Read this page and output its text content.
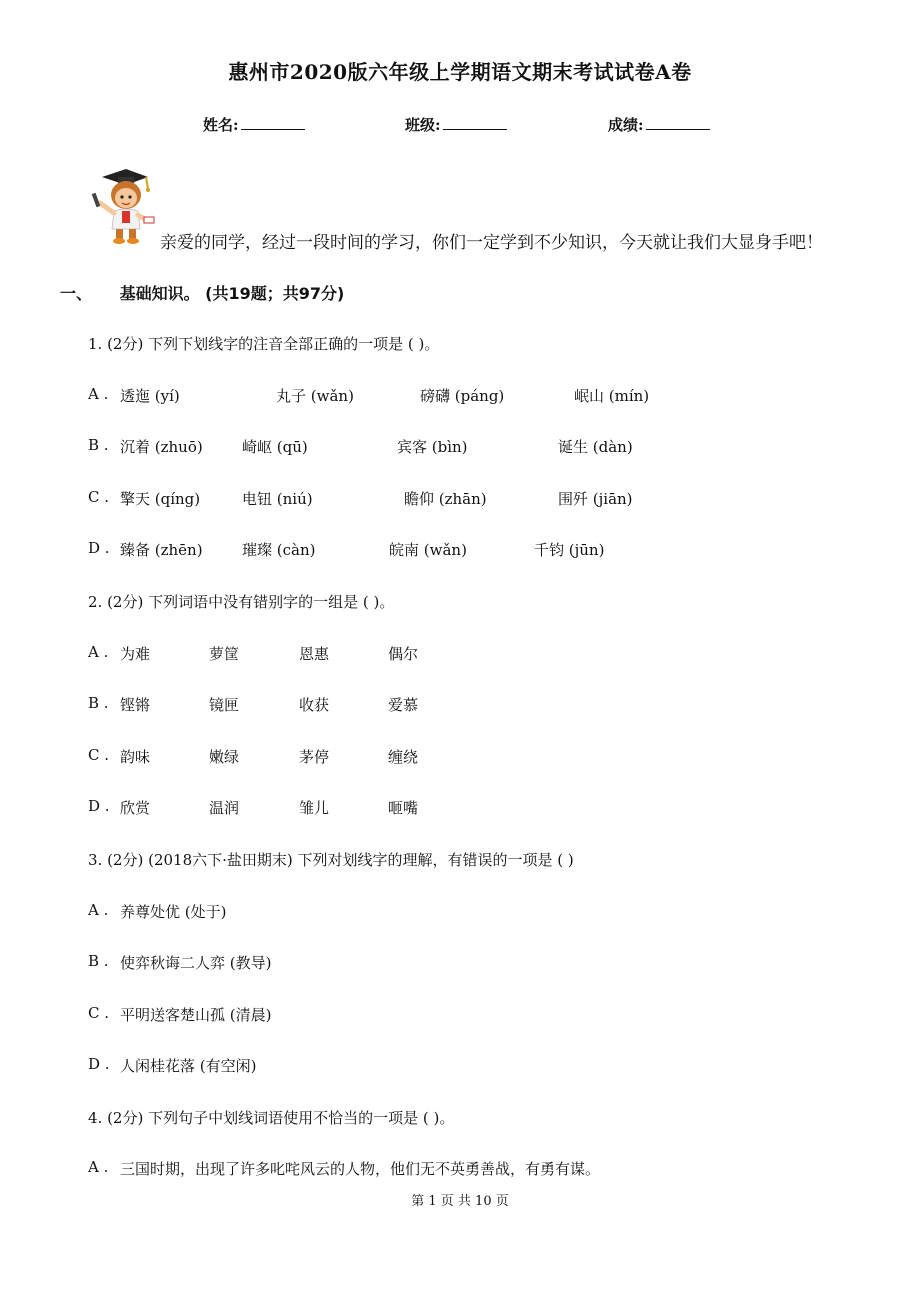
惠州市2020版六年级上学期语文期末考试试卷A卷
姓名:	班级:	成绩:
亲爱的同学，经过一段时间的学习，你们一定学到不少知识，今天就让我们大显身手吧！
一、 基础知识。 (共19题；共97分)
1. (2分) 下列下划线字的注音全部正确的一项是 ( )。
A . 透迤 (yí)	丸子 (wǎn)	磅礴 (páng)	岷山 (mín)
B . 沉着 (zhuō)	崎岖 (qū)	宾客 (bìn)	诞生 (dàn)
C . 擎天 (qíng)	电钮 (niú)	瞻仰 (zhān)	围歼 (jiān)
D . 臻备 (zhēn)	璀璨 (càn)	皖南 (wǎn)	千钧 (jūn)
2. (2分) 下列词语中没有错别字的一组是 ( )。
A . 为难	萝筐	恩惠	偶尔
B . 铿锵	镜匣	收获	爱慕
C . 韵味	嫩绿	茅停	缠绕
D . 欣赏	温润	雏儿	咂嘴
3. (2分) (2018六下·盐田期末) 下列对划线字的理解，有错误的一项是 ( )
A . 养尊处优 (处于)
B . 使弈秋诲二人弈 (教导)
C . 平明送客楚山孤 (清晨)
D . 人闲桂花落 (有空闲)
4. (2分) 下列句子中划线词语使用不恰当的一项是 ( )。
A . 三国时期，出现了许多叱咤风云的人物，他们无不英勇善战，有勇有谋。
第 1 页 共 10 页
